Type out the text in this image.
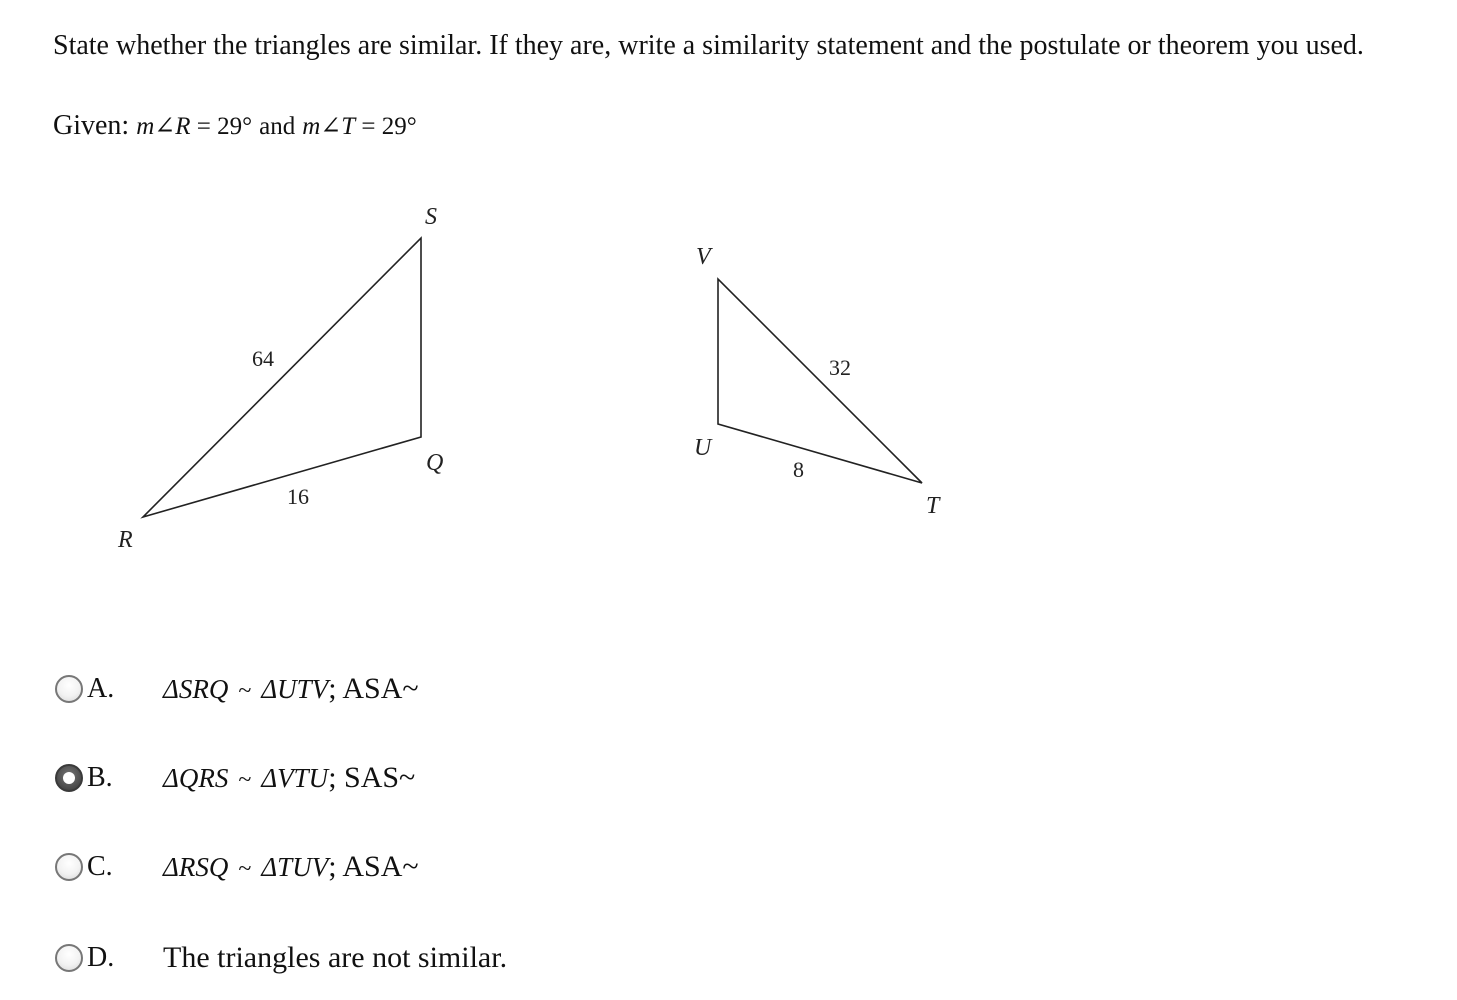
State whether the triangles are similar. If they are, write a similarity statement and the postulate or theorem you used.
Given: m∠R = 29° and m∠T = 29°
S
Q
R
64
16
V
U
T
32
8
A.	ΔSRQ ~ ΔUTV; ASA~
B.	ΔQRS ~ ΔVTU; SAS~
C.	ΔRSQ ~ ΔTUV; ASA~
D.	The triangles are not similar.
